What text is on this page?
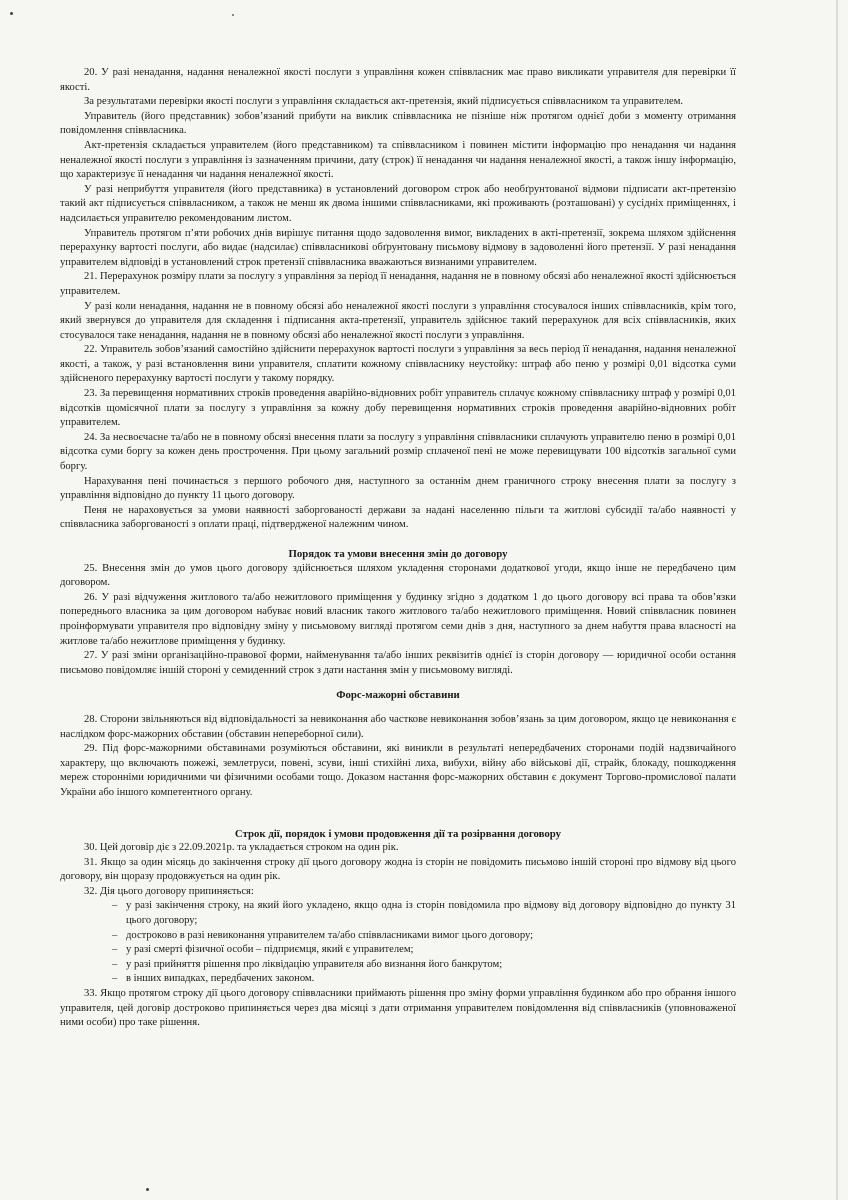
20. У разі ненадання, надання неналежної якості послуги з управління кожен співвласник має право викликати управителя для перевірки її якості.

За результатами перевірки якості послуги з управління складається акт-претензія, який підписується співвласником та управителем.

Управитель (його представник) зобов’язаний прибути на виклик співвласника не пізніше ніж протягом однієї доби з моменту отримання повідомлення співвласника.

Акт-претензія складається управителем (його представником) та співвласником і повинен містити інформацію про ненадання чи надання неналежної якості послуги з управління із зазначенням причини, дату (строк) її ненадання чи надання неналежної якості, а також іншу інформацію, що характеризує її ненадання чи надання неналежної якості.

У разі неприбуття управителя (його представника) в установлений договором строк або необґрунтованої відмови підписати акт-претензію такий акт підписується співвласником, а також не менш як двома іншими співвласниками, які проживають (розташовані) у сусідніх приміщеннях, і надсилається управителю рекомендованим листом.

Управитель протягом п’яти робочих днів вирішує питання щодо задоволення вимог, викладених в акті-претензії, зокрема шляхом здійснення перерахунку вартості послуги, або видає (надсилає) співвласникові обґрунтовану письмову відмову в задоволенні його претензії. У разі ненадання управителем відповіді в установлений строк претензії співвласника вважаються визнаними управителем.

21. Перерахунок розміру плати за послугу з управління за період її ненадання, надання не в повному обсязі або неналежної якості здійснюється управителем.

У разі коли ненадання, надання не в повному обсязі або неналежної якості послуги з управління стосувалося інших співвласників, крім того, який звернувся до управителя для складення і підписання акта-претензії, управитель здійснює такий перерахунок для всіх співвласників, яких стосувалося таке ненадання, надання не в повному обсязі або неналежної якості послуги з управління.

22. Управитель зобов’язаний самостійно здійснити перерахунок вартості послуги з управління за весь період її ненадання, надання неналежної якості, а також, у разі встановлення вини управителя, сплатити кожному співвласнику неустойку: штраф або пеню у розмірі 0,01 відсотка суми здійсненого перерахунку вартості послуги у такому порядку.

23. За перевищення нормативних строків проведення аварійно-відновних робіт управитель сплачує кожному співвласнику штраф у розмірі 0,01 відсотків щомісячної плати за послугу з управління за кожну добу перевищення нормативних строків проведення аварійно-відновних робіт управителем.

24. За несвоєчасне та/або не в повному обсязі внесення плати за послугу з управління співвласники сплачують управителю пеню в розмірі 0,01 відсотка суми боргу за кожен день прострочення. При цьому загальний розмір сплаченої пені не може перевищувати 100 відсотків загальної суми боргу.

Нарахування пені починається з першого робочого дня, наступного за останнім днем граничного строку внесення плати за послугу з управління відповідно до пункту 11 цього договору.

Пеня не нараховується за умови наявності заборгованості держави за надані населенню пільги та житлові субсидії та/або наявності у співвласника заборгованості з оплати праці, підтвердженої належним чином.

Порядок та умови внесення змін до договору

25. Внесення змін до умов цього договору здійснюється шляхом укладення сторонами додаткової угоди, якщо інше не передбачено цим договором.

26. У разі відчуження житлового та/або нежитлового приміщення у будинку згідно з додатком 1 до цього договору всі права та обов’язки попереднього власника за цим договором набуває новий власник такого житлового та/або нежитлового приміщення. Новий співвласник повинен проінформувати управителя про відповідну зміну у письмовому вигляді протягом семи днів з дня, наступного за днем набуття права власності на житлове та/або нежитлове приміщення у будинку.

27. У разі зміни організаційно-правової форми, найменування та/або інших реквізитів однієї із сторін договору — юридичної особи остання письмово повідомляє іншій стороні у семиденний строк з дати настання змін у письмовому вигляді.

Форс-мажорні обставини

28. Сторони звільняються від відповідальності за невиконання або часткове невиконання зобов’язань за цим договором, якщо це невиконання є наслідком форс-мажорних обставин (обставин непереборної сили).

29. Під форс-мажорними обставинами розуміються обставини, які виникли в результаті непередбачених сторонами подій надзвичайного характеру, що включають пожежі, землетруси, повені, зсуви, інші стихійні лиха, вибухи, війну або військові дії, страйк, блокаду, пошкодження мереж сторонніми юридичними чи фізичними особами тощо. Доказом настання форс-мажорних обставин є документ Торгово-промислової палати України або іншого компетентного органу.

Строк дії, порядок і умови продовження дії та розірвання договору

30. Цей договір діє з 22.09.2021р. та укладається строком на один рік.

31. Якщо за один місяць до закінчення строку дії цього договору жодна із сторін не повідомить письмово іншій стороні про відмову від цього договору, він щоразу продовжується на один рік.

32. Дія цього договору припиняється:

– у разі закінчення строку, на який його укладено, якщо одна із сторін повідомила про відмову від договору відповідно до пункту 31 цього договору;
– достроково в разі невиконання управителем та/або співвласниками вимог цього договору;
– у разі смерті фізичної особи – підприємця, який є управителем;
– у разі прийняття рішення про ліквідацію управителя або визнання його банкрутом;
– в інших випадках, передбачених законом.

33. Якщо протягом строку дії цього договору співвласники приймають рішення про зміну форми управління будинком або про обрання іншого управителя, цей договір достроково припиняється через два місяці з дати отримання управителем повідомлення від співвласників (уповноваженої ними особи) про таке рішення.
